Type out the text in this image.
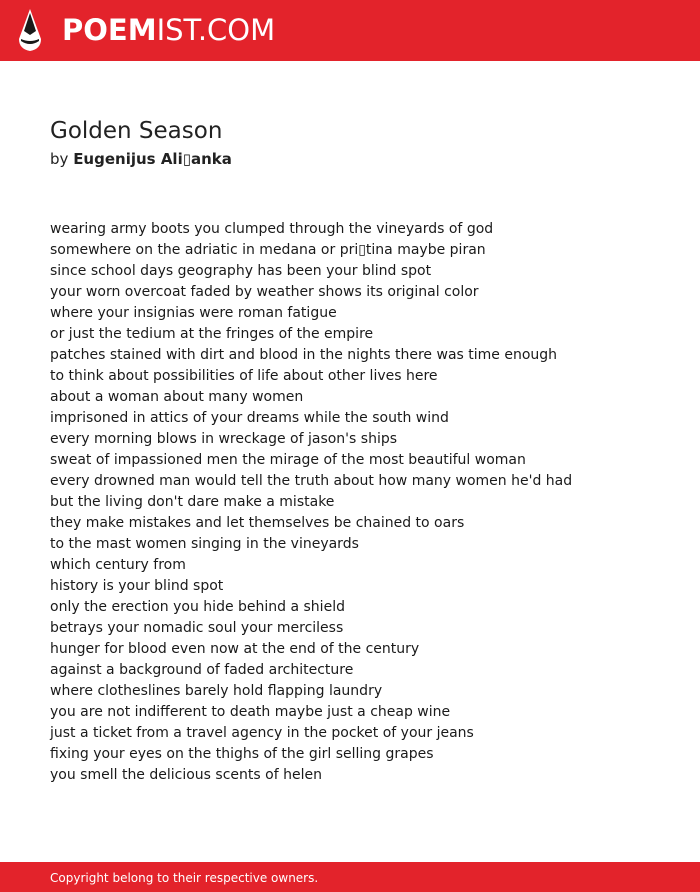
POEMIST.COM
Golden Season
by Eugenijus Ali▯anka
wearing army boots you clumped through the vineyards of god
somewhere on the adriatic in medana or pri▯tina maybe piran
since school days geography has been your blind spot
your worn overcoat faded by weather shows its original color
where your insignias were roman fatigue
or just the tedium at the fringes of the empire
patches stained with dirt and blood in the nights there was time enough
to think about possibilities of life about other lives here
about a woman about many women
imprisoned in attics of your dreams while the south wind
every morning blows in wreckage of jason's ships
sweat of impassioned men the mirage of the most beautiful woman
every drowned man would tell the truth about how many women he'd had
but the living don't dare make a mistake
they make mistakes and let themselves be chained to oars
to the mast women singing in the vineyards
which century from
history is your blind spot
only the erection you hide behind a shield
betrays your nomadic soul your merciless
hunger for blood even now at the end of the century
against a background of faded architecture
where clotheslines barely hold flapping laundry
you are not indifferent to death maybe just a cheap wine
just a ticket from a travel agency in the pocket of your jeans
fixing your eyes on the thighs of the girl selling grapes
you smell the delicious scents of helen
Copyright belong to their respective owners.
